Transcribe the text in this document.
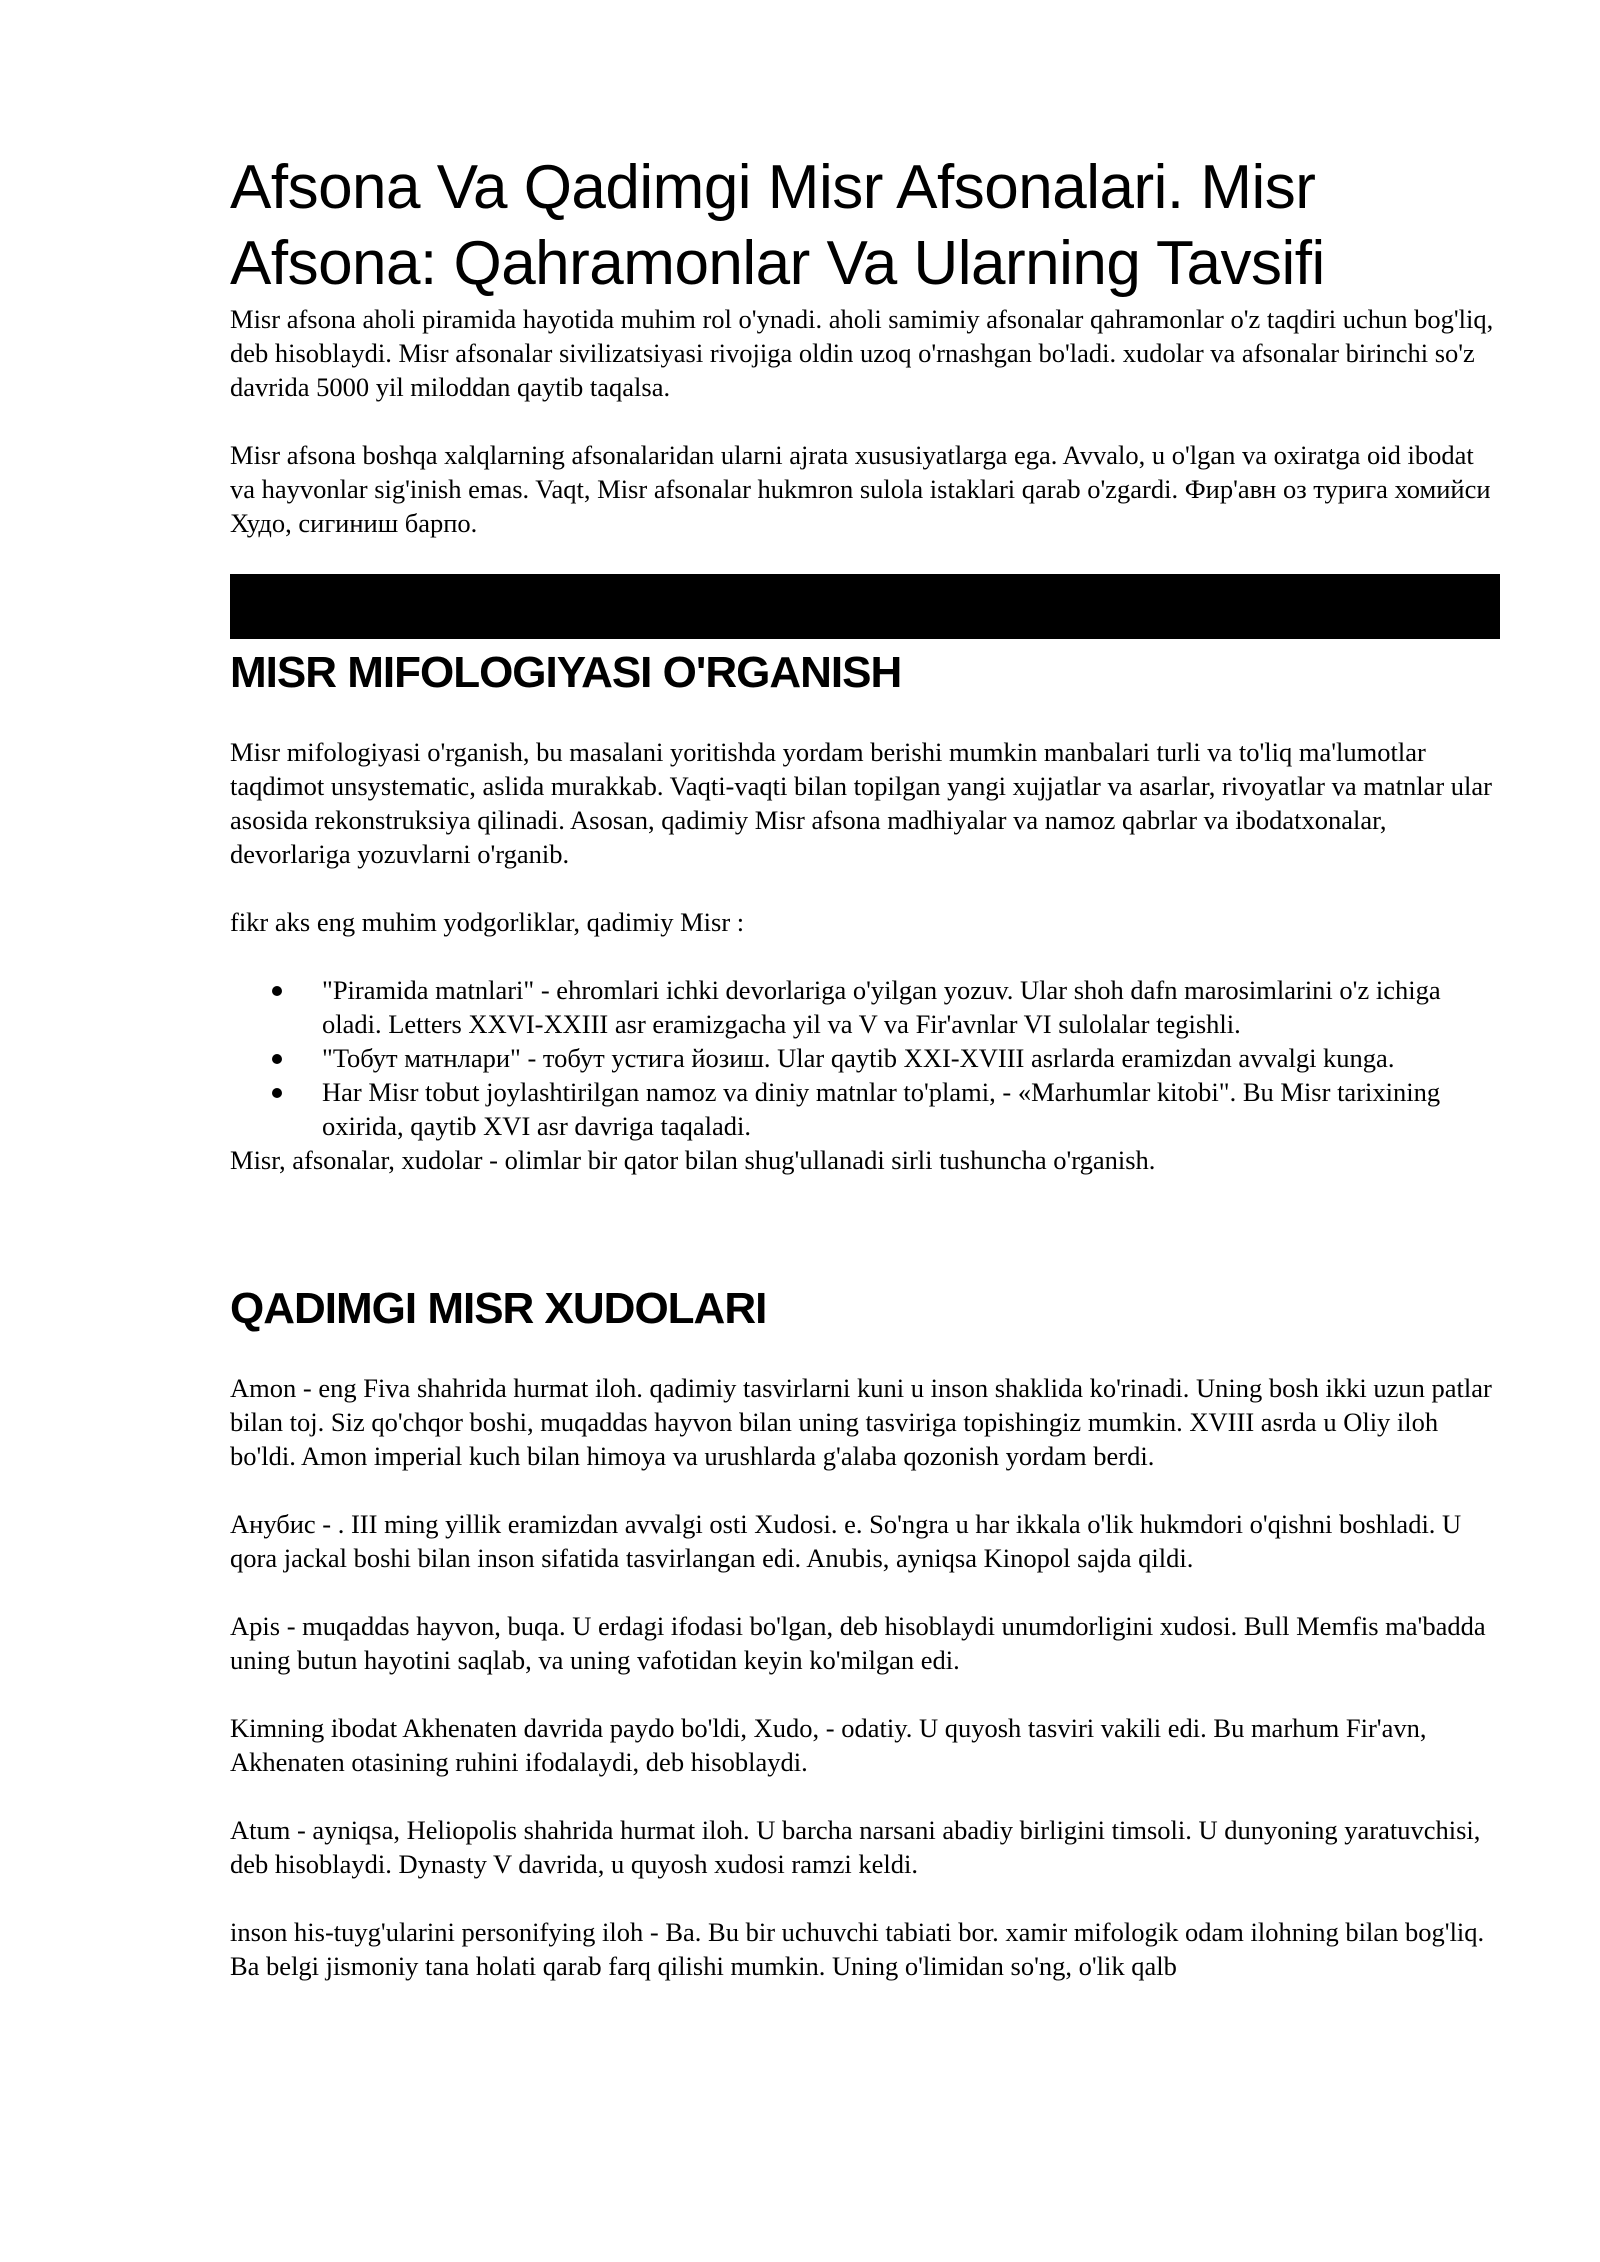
Afsona Va Qadimgi Misr Afsonalari. Misr Afsona: Qahramonlar Va Ularning Tavsifi

Misr afsona aholi piramida hayotida muhim rol o'ynadi. aholi samimiy afsonalar qahramonlar o'z taqdiri uchun bog'liq, deb hisoblaydi. Misr afsonalar sivilizatsiyasi rivojiga oldin uzoq o'rnashgan bo'ladi. xudolar va afsonalar birinchi so'z davrida 5000 yil miloddan qaytib taqalsa.

Misr afsona boshqa xalqlarning afsonalaridan ularni ajrata xususiyatlarga ega. Avvalo, u o'lgan va oxiratga oid ibodat va hayvonlar sig'inish emas. Vaqt, Misr afsonalar hukmron sulola istaklari qarab o'zgardi. Фир'авн оз турига хомийси Худо, сигиниш барпо.

MISR MIFOLOGIYASI O'RGANISH

Misr mifologiyasi o'rganish, bu masalani yoritishda yordam berishi mumkin manbalari turli va to'liq ma'lumotlar taqdimot unsystematic, aslida murakkab. Vaqti-vaqti bilan topilgan yangi xujjatlar va asarlar, rivoyatlar va matnlar ular asosida rekonstruksiya qilinadi. Asosan, qadimiy Misr afsona madhiyalar va namoz qabrlar va ibodatxonalar, devorlariga yozuvlarni o'rganib.

fikr aks eng muhim yodgorliklar, qadimiy Misr :

"Piramida matnlari" - ehromlari ichki devorlariga o'yilgan yozuv. Ular shoh dafn marosimlarini o'z ichiga oladi. Letters XXVI-XXIII asr eramizgacha yil va V va Fir'avnlar VI sulolalar tegishli.
"Тобут матнлари" - тобут устига йозиш. Ular qaytib XXI-XVIII asrlarda eramizdan avvalgi kunga.
Har Misr tobut joylashtirilgan namoz va diniy matnlar to'plami, - «Marhumlar kitobi". Bu Misr tarixining oxirida, qaytib XVI asr davriga taqaladi.

Misr, afsonalar, xudolar - olimlar bir qator bilan shug'ullanadi sirli tushuncha o'rganish.

QADIMGI MISR XUDOLARI

Amon - eng Fiva shahrida hurmat iloh. qadimiy tasvirlarni kuni u inson shaklida ko'rinadi. Uning bosh ikki uzun patlar bilan toj. Siz qo'chqor boshi, muqaddas hayvon bilan uning tasviriga topishingiz mumkin. XVIII asrda u Oliy iloh bo'ldi. Amon imperial kuch bilan himoya va urushlarda g'alaba qozonish yordam berdi.

Анубис - . III ming yillik eramizdan avvalgi osti Xudosi. e. So'ngra u har ikkala o'lik hukmdori o'qishni boshladi. U qora jackal boshi bilan inson sifatida tasvirlangan edi. Anubis, ayniqsa Kinopol sajda qildi.

Apis - muqaddas hayvon, buqa. U erdagi ifodasi bo'lgan, deb hisoblaydi unumdorligini xudosi. Bull Memfis ma'badda uning butun hayotini saqlab, va uning vafotidan keyin ko'milgan edi.

Kimning ibodat Akhenaten davrida paydo bo'ldi, Xudo, - odatiy. U quyosh tasviri vakili edi. Bu marhum Fir'avn, Akhenaten otasining ruhini ifodalaydi, deb hisoblaydi.

Atum - ayniqsa, Heliopolis shahrida hurmat iloh. U barcha narsani abadiy birligini timsoli. U dunyoning yaratuvchisi, deb hisoblaydi. Dynasty V davrida, u quyosh xudosi ramzi keldi.

inson his-tuyg'ularini personifying iloh - Ba. Bu bir uchuvchi tabiati bor. xamir mifologik odam ilohning bilan bog'liq. Ba belgi jismoniy tana holati qarab farq qilishi mumkin. Uning o'limidan so'ng, o'lik qalb
